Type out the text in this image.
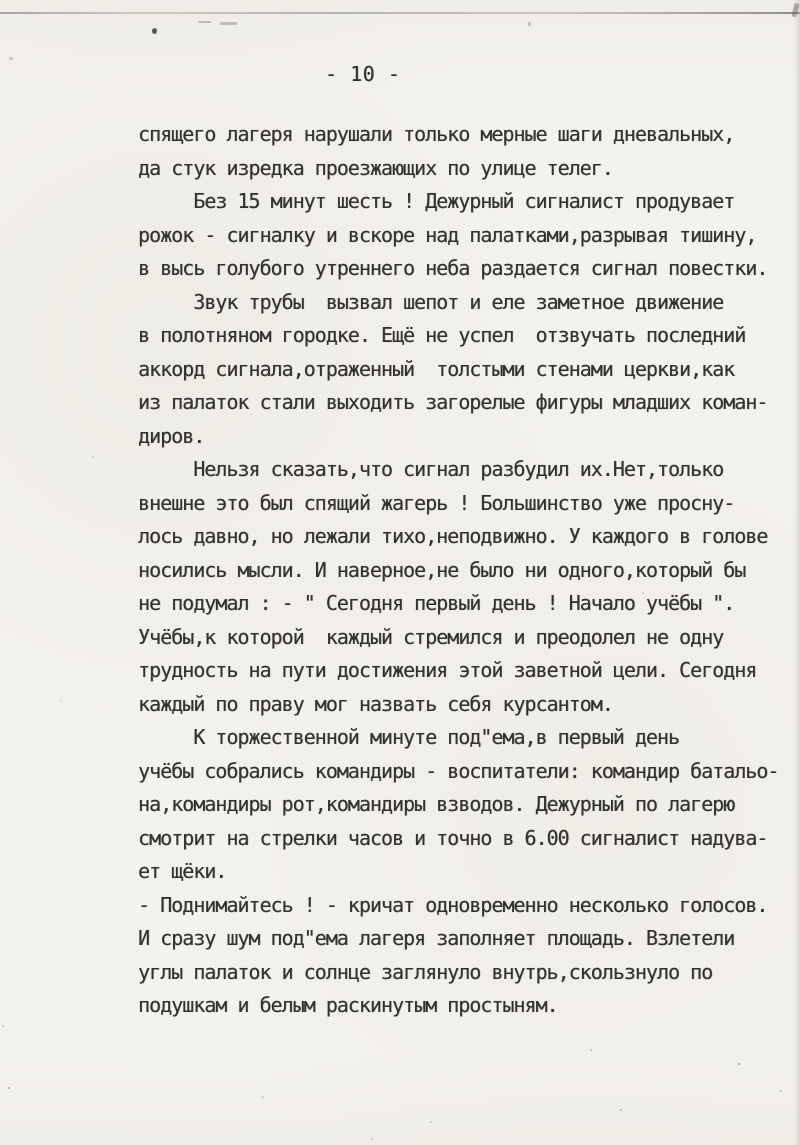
- 10 -
спящего лагеря нарушали только мерные шаги дневальных,
да стук изредка проезжающих по улице телег.
Без 15 минут шесть ! Дежурный сигналист продувает
рожок - сигналку и вскоре над палатками,разрывая тишину,
в высь голубого утреннего неба раздается сигнал повестки.
Звук трубы  вызвал шепот и еле заметное движение
в полотняном городке. Ещё не успел  отзвучать последний
аккорд сигнала,отраженный  толстыми стенами церкви,как
из палаток стали выходить загорелые фигуры младших коман-
диров.
Нельзя сказать,что сигнал разбудил их.Нет,только
внешне это был спящий жагерь ! Большинство уже просну-
лось давно, но лежали тихо,неподвижно. У каждого в голове
носились мысли. И наверное,не было ни одного,который бы
не подумал : - " Сегодня первый день ! Начало учёбы ".
Учёбы,к которой  каждый стремился и преодолел не одну
трудность на пути достижения этой заветной цели. Сегодня
каждый по праву мог назвать себя курсантом.
К торжественной минуте под"ема,в первый день
учёбы собрались командиры - воспитатели: командир батальо-
на,командиры рот,командиры взводов. Дежурный по лагерю
смотрит на стрелки часов и точно в 6.00 сигналист надува-
ет щёки.
- Поднимайтесь ! - кричат одновременно несколько голосов.
И сразу шум под"ема лагеря заполняет площадь. Взлетели
углы палаток и солнце заглянуло внутрь,скользнуло по
подушкам и белым раскинутым простыням.
